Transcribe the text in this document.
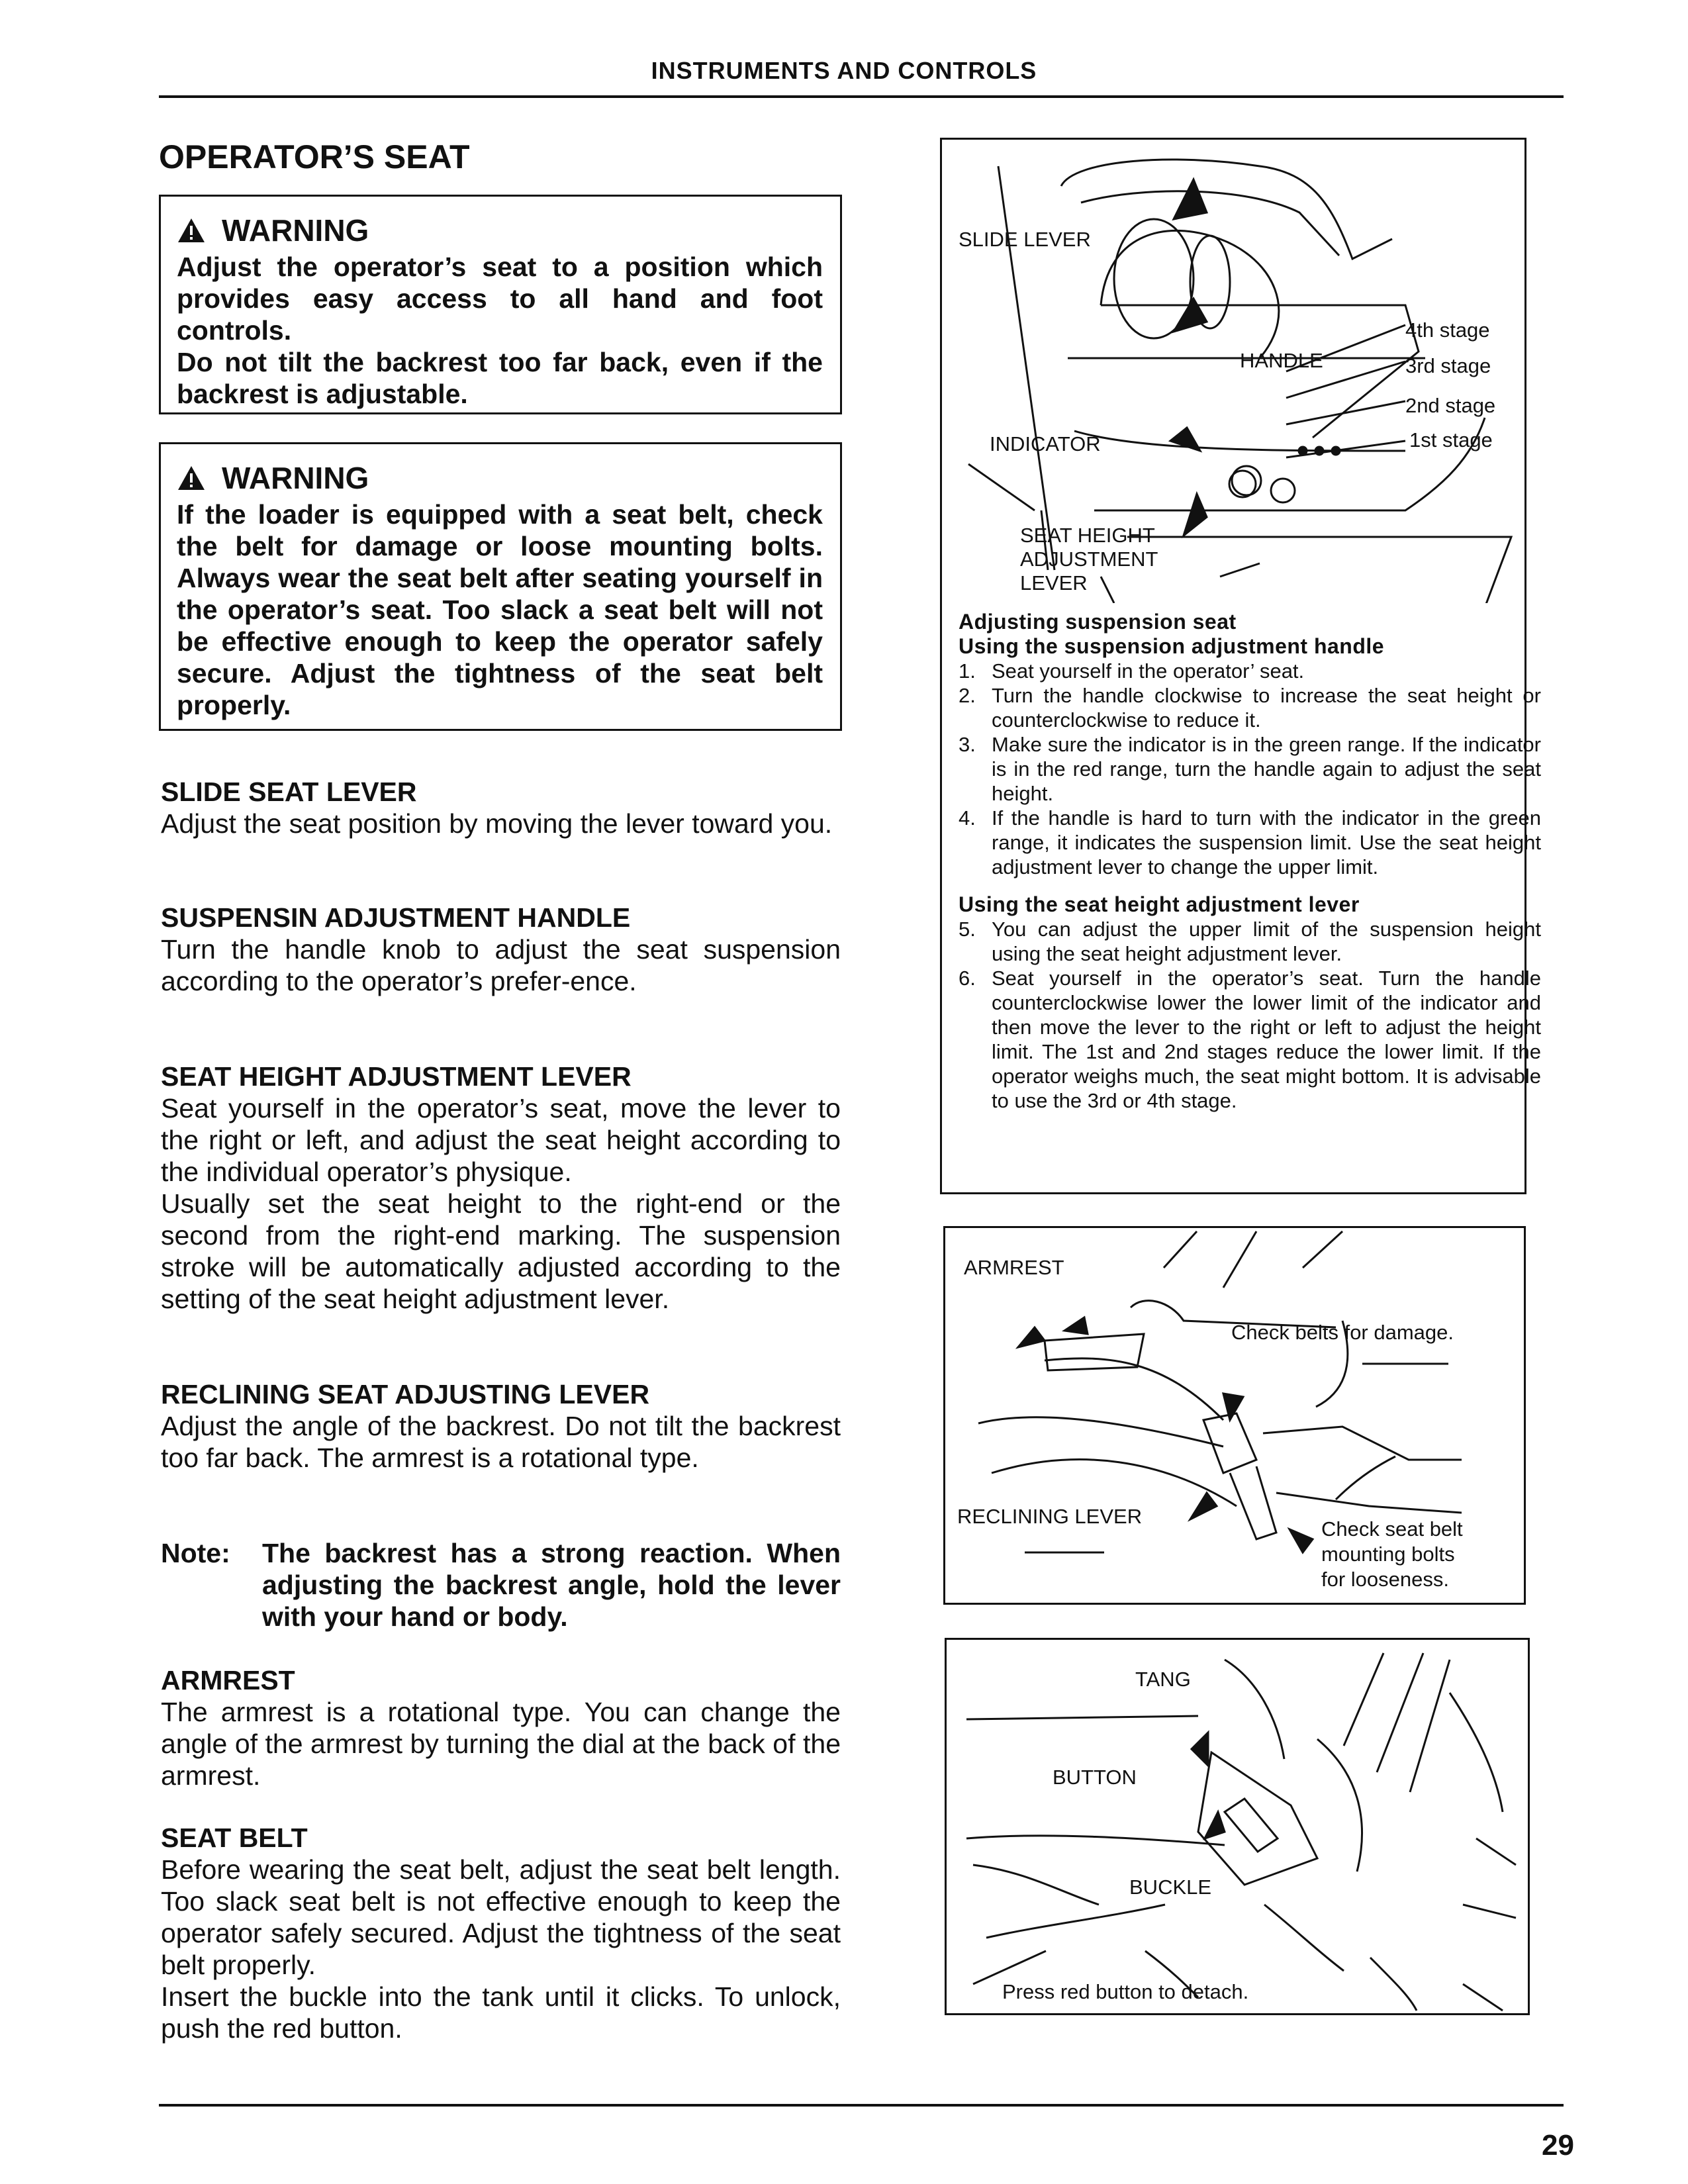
INSTRUMENTS AND CONTROLS
OPERATOR’S SEAT
WARNING

Adjust the operator’s seat to a position which provides easy access to all hand and foot controls.

Do not tilt the backrest too far back, even if the backrest is adjustable.

WARNING

If the loader is equipped with a seat belt, check the belt for damage or loose mounting bolts. Always wear the seat belt after seating yourself in the operator’s seat. Too slack a seat belt will not be effective enough to keep the operator safely secure. Adjust the tightness of the seat belt properly.

SLIDE SEAT LEVER

Adjust the seat position by moving the lever toward you.

SUSPENSIN ADJUSTMENT HANDLE

Turn the handle knob to adjust the seat suspension according to the operator’s prefer-ence.

SEAT HEIGHT ADJUSTMENT LEVER

Seat yourself in the operator’s seat, move the lever to the right or left, and adjust the seat height according to the individual operator’s physique.

Usually set the seat height to the right-end or the second from the right-end marking. The suspension stroke will be automatically adjusted according to the setting of the seat height adjustment lever.

RECLINING SEAT ADJUSTING LEVER

Adjust the angle of the backrest. Do not tilt the backrest too far back. The armrest is a rotational type.

Note:	The backrest has a strong reaction. When adjusting the backrest angle, hold the lever with your hand or body.
ARMREST

The armrest is a rotational type. You can change the angle of the armrest by turning the dial at the back of the armrest.

SEAT BELT

Before wearing the seat belt, adjust the seat belt length. Too slack seat belt is not effective enough to keep the operator safely secured. Adjust the tightness of the seat belt properly.

Insert the buckle into the tank until it clicks. To unlock, push the red button.

SLIDE LEVER
HANDLE
INDICATOR
SEAT HEIGHT
ADJUSTMENT
LEVER
4th stage
3rd stage
2nd stage
1st stage
Adjusting suspension seat
Using the suspension adjustment handle
1. Seat yourself in the operator’ seat.
2. Turn the handle clockwise to increase the seat height or counterclockwise to reduce it.
3. Make sure the indicator is in the green range. If the indicator is in the red range, turn the handle again to adjust the seat height.
4. If the handle is hard to turn with the indicator in the green range, it indicates the suspension limit. Use the seat height adjustment lever to change the upper limit.
Using the seat height adjustment lever
5. You can adjust the upper limit of the suspension height using the seat height adjustment lever.
6. Seat yourself in the operator’s seat. Turn the handle counterclockwise lower the lower limit of the indicator and then move the lever to the right or left to adjust the height limit. The 1st and 2nd stages reduce the lower limit. If the operator weighs much, the seat might bottom. It is advisable to use the 3rd or 4th stage.
ARMREST
Check belts for damage.
RECLINING LEVER
Check seat belt
mounting bolts
for looseness.
TANG
BUTTON
BUCKLE
Press red button to detach.
29
